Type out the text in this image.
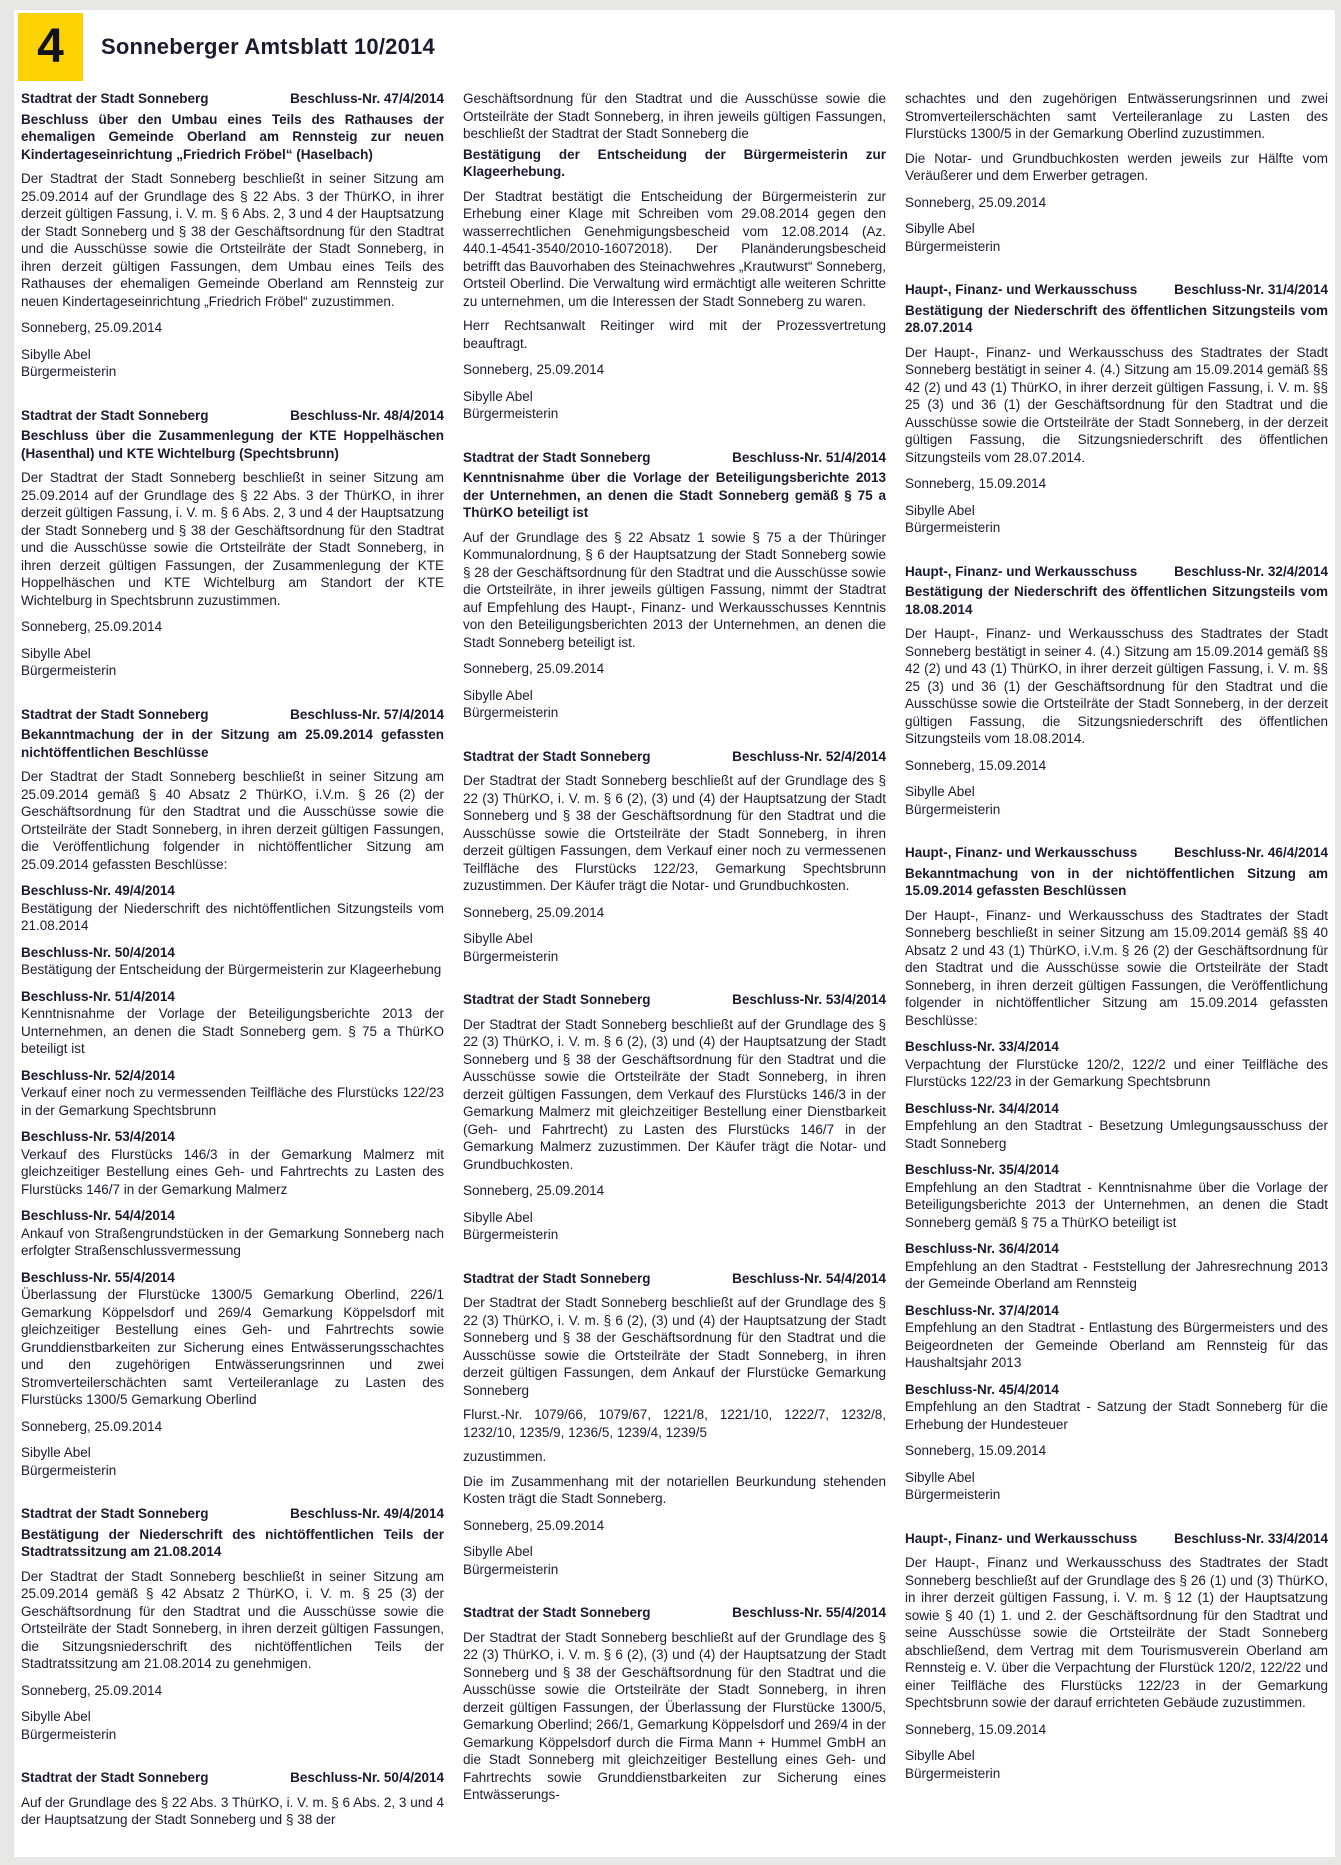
4 Sonneberger Amtsblatt 10/2014
Stadtrat der Stadt Sonneberg	Beschluss-Nr. 47/4/2014
Beschluss über den Umbau eines Teils des Rathauses der ehemaligen Gemeinde Oberland am Rennsteig zur neuen Kindertageseinrichtung „Friedrich Fröbel“ (Haselbach)
Der Stadtrat der Stadt Sonneberg beschließt in seiner Sitzung am 25.09.2014 auf der Grundlage des § 22 Abs. 3 der ThürKO, in ihrer derzeit gültigen Fassung, i. V. m. § 6 Abs. 2, 3 und 4 der Hauptsatzung der Stadt Sonneberg und § 38 der Geschäftsordnung für den Stadtrat und die Ausschüsse sowie die Ortsteilräte der Stadt Sonneberg, in ihren derzeit gültigen Fassungen, dem Umbau eines Teils des Rathauses der ehemaligen Gemeinde Oberland am Rennsteig zur neuen Kindertageseinrichtung „Friedrich Fröbel“ zuzustimmen.
Sonneberg, 25.09.2014
Sibylle Abel
Bürgermeisterin
Stadtrat der Stadt Sonneberg	Beschluss-Nr. 48/4/2014
Beschluss über die Zusammenlegung der KTE Hoppelhäschen (Hasenthal) und KTE Wichtelburg (Spechtsbrunn)
Der Stadtrat der Stadt Sonneberg beschließt in seiner Sitzung am 25.09.2014 auf der Grundlage des § 22 Abs. 3 der ThürKO, in ihrer derzeit gültigen Fassung, i. V. m. § 6 Abs. 2, 3 und 4 der Hauptsatzung der Stadt Sonneberg und § 38 der Geschäftsordnung für den Stadtrat und die Ausschüsse sowie die Ortsteilräte der Stadt Sonneberg, in ihren derzeit gültigen Fassungen, der Zusammenlegung der KTE Hoppelhäschen und KTE Wichtelburg am Standort der KTE Wichtelburg in Spechtsbrunn zuzustimmen.
Sonneberg, 25.09.2014
Sibylle Abel
Bürgermeisterin
Stadtrat der Stadt Sonneberg	Beschluss-Nr. 57/4/2014
Bekanntmachung der in der Sitzung am 25.09.2014 gefassten nichtöffentlichen Beschlüsse
Der Stadtrat der Stadt Sonneberg beschließt in seiner Sitzung am 25.09.2014 gemäß § 40 Absatz 2 ThürKO, i.V.m. § 26 (2) der Geschäftsordnung für den Stadtrat und die Ausschüsse sowie die Ortsteilräte der Stadt Sonneberg, in ihren derzeit gültigen Fassungen, die Veröffentlichung folgender in nichtöffentlicher Sitzung am 25.09.2014 gefassten Beschlüsse:
Beschluss-Nr. 49/4/2014
Bestätigung der Niederschrift des nichtöffentlichen Sitzungsteils vom 21.08.2014
Beschluss-Nr. 50/4/2014
Bestätigung der Entscheidung der Bürgermeisterin zur Klageerhebung
Beschluss-Nr. 51/4/2014
Kenntnisnahme der Vorlage der Beteiligungsberichte 2013 der Unternehmen, an denen die Stadt Sonneberg gem. § 75 a ThürKO beteiligt ist
Beschluss-Nr. 52/4/2014
Verkauf einer noch zu vermessenden Teilfläche des Flurstücks 122/23 in der Gemarkung Spechtsbrunn
Beschluss-Nr. 53/4/2014
Verkauf des Flurstücks 146/3 in der Gemarkung Malmerz mit gleichzeitiger Bestellung eines Geh- und Fahrtrechts zu Lasten des Flurstücks 146/7 in der Gemarkung Malmerz
Beschluss-Nr. 54/4/2014
Ankauf von Straßengrundstücken in der Gemarkung Sonneberg nach erfolgter Straßenschlussvermessung
Beschluss-Nr. 55/4/2014
Überlassung der Flurstücke 1300/5 Gemarkung Oberlind, 226/1 Gemarkung Köppelsdorf und 269/4 Gemarkung Köppelsdorf mit gleichzeitiger Bestellung eines Geh- und Fahrtrechts sowie Grunddienstbarkeiten zur Sicherung eines Entwässerungsschachtes und den zugehörigen Entwässerungsrinnen und zwei Stromverteilerschächten samt Verteileranlage zu Lasten des Flurstücks 1300/5 Gemarkung Oberlind
Sonneberg, 25.09.2014
Sibylle Abel
Bürgermeisterin
Stadtrat der Stadt Sonneberg	Beschluss-Nr. 49/4/2014
Bestätigung der Niederschrift des nichtöffentlichen Teils der Stadtratssitzung am 21.08.2014
Der Stadtrat der Stadt Sonneberg beschließt in seiner Sitzung am 25.09.2014 gemäß § 42 Absatz 2 ThürKO, i. V. m. § 25 (3) der Geschäftsordnung für den Stadtrat und die Ausschüsse sowie die Ortsteilräte der Stadt Sonneberg, in ihren derzeit gültigen Fassungen, die Sitzungsniederschrift des nichtöffentlichen Teils der Stadtratssitzung am 21.08.2014 zu genehmigen.
Sonneberg, 25.09.2014
Sibylle Abel
Bürgermeisterin
Stadtrat der Stadt Sonneberg	Beschluss-Nr. 50/4/2014
Auf der Grundlage des § 22 Abs. 3 ThürKO, i. V. m. § 6 Abs. 2, 3 und 4 der Hauptsatzung der Stadt Sonneberg und § 38 der
Geschäftsordnung für den Stadtrat und die Ausschüsse sowie die Ortsteilräte der Stadt Sonneberg, in ihren jeweils gültigen Fassungen, beschließt der Stadtrat der Stadt Sonneberg die
Bestätigung der Entscheidung der Bürgermeisterin zur Klageerhebung.
Der Stadtrat bestätigt die Entscheidung der Bürgermeisterin zur Erhebung einer Klage mit Schreiben vom 29.08.2014 gegen den wasserrechtlichen Genehmigungsbescheid vom 12.08.2014 (Az. 440.1-4541-3540/2010-16072018). Der Planänderungsbescheid betrifft das Bauvorhaben des Steinachwehres „Krautwurst“ Sonneberg, Ortsteil Oberlind. Die Verwaltung wird ermächtigt alle weiteren Schritte zu unternehmen, um die Interessen der Stadt Sonneberg zu waren.
Herr Rechtsanwalt Reitinger wird mit der Prozessvertretung beauftragt.
Sonneberg, 25.09.2014
Sibylle Abel
Bürgermeisterin
Stadtrat der Stadt Sonneberg	Beschluss-Nr. 51/4/2014
Kenntnisnahme über die Vorlage der Beteiligungsberichte 2013 der Unternehmen, an denen die Stadt Sonneberg gemäß § 75 a ThürKO beteiligt ist
Auf der Grundlage des § 22 Absatz 1 sowie § 75 a der Thüringer Kommunalordnung, § 6 der Hauptsatzung der Stadt Sonneberg sowie § 28 der Geschäftsordnung für den Stadtrat und die Ausschüsse sowie die Ortsteilräte, in ihrer jeweils gültigen Fassung, nimmt der Stadtrat auf Empfehlung des Haupt-, Finanz- und Werkausschusses Kenntnis von den Beteiligungsberichten 2013 der Unternehmen, an denen die Stadt Sonneberg beteiligt ist.
Sonneberg, 25.09.2014
Sibylle Abel
Bürgermeisterin
Stadtrat der Stadt Sonneberg	Beschluss-Nr. 52/4/2014
Der Stadtrat der Stadt Sonneberg beschließt auf der Grundlage des § 22 (3) ThürKO, i. V. m. § 6 (2), (3) und (4) der Hauptsatzung der Stadt Sonneberg und § 38 der Geschäftsordnung für den Stadtrat und die Ausschüsse sowie die Ortsteilräte der Stadt Sonneberg, in ihren derzeit gültigen Fassungen, dem Verkauf einer noch zu vermessenen Teilfläche des Flurstücks 122/23, Gemarkung Spechtsbrunn zuzustimmen. Der Käufer trägt die Notar- und Grundbuchkosten.
Sonneberg, 25.09.2014
Sibylle Abel
Bürgermeisterin
Stadtrat der Stadt Sonneberg	Beschluss-Nr. 53/4/2014
Der Stadtrat der Stadt Sonneberg beschließt auf der Grundlage des § 22 (3) ThürKO, i. V. m. § 6 (2), (3) und (4) der Hauptsatzung der Stadt Sonneberg und § 38 der Geschäftsordnung für den Stadtrat und die Ausschüsse sowie die Ortsteilräte der Stadt Sonneberg, in ihren derzeit gültigen Fassungen, dem Verkauf des Flurstücks 146/3 in der Gemarkung Malmerz mit gleichzeitiger Bestellung einer Dienstbarkeit (Geh- und Fahrtrecht) zu Lasten des Flurstücks 146/7 in der Gemarkung Malmerz zuzustimmen. Der Käufer trägt die Notar- und Grundbuchkosten.
Sonneberg, 25.09.2014
Sibylle Abel
Bürgermeisterin
Stadtrat der Stadt Sonneberg	Beschluss-Nr. 54/4/2014
Der Stadtrat der Stadt Sonneberg beschließt auf der Grundlage des § 22 (3) ThürKO, i. V. m. § 6 (2), (3) und (4) der Hauptsatzung der Stadt Sonneberg und § 38 der Geschäftsordnung für den Stadtrat und die Ausschüsse sowie die Ortsteilräte der Stadt Sonneberg, in ihren derzeit gültigen Fassungen, dem Ankauf der Flurstücke Gemarkung Sonneberg
Flurst.-Nr. 1079/66, 1079/67, 1221/8, 1221/10, 1222/7, 1232/8, 1232/10, 1235/9, 1236/5, 1239/4, 1239/5
zuzustimmen.
Die im Zusammenhang mit der notariellen Beurkundung stehenden Kosten trägt die Stadt Sonneberg.
Sonneberg, 25.09.2014
Sibylle Abel
Bürgermeisterin
Stadtrat der Stadt Sonneberg	Beschluss-Nr. 55/4/2014
Der Stadtrat der Stadt Sonneberg beschließt auf der Grundlage des § 22 (3) ThürKO, i. V. m. § 6 (2), (3) und (4) der Hauptsatzung der Stadt Sonneberg und § 38 der Geschäftsordnung für den Stadtrat und die Ausschüsse sowie die Ortsteilräte der Stadt Sonneberg, in ihren derzeit gültigen Fassungen, der Überlassung der Flurstücke 1300/5, Gemarkung Oberlind; 266/1, Gemarkung Köppelsdorf und 269/4 in der Gemarkung Köppelsdorf durch die Firma Mann + Hummel GmbH an die Stadt Sonneberg mit gleichzeitiger Bestellung eines Geh- und Fahrtrechts sowie Grunddienstbarkeiten zur Sicherung eines Entwässerungs-
schachtes und den zugehörigen Entwässerungsrinnen und zwei Stromverteilerschächten samt Verteileranlage zu Lasten des Flurstücks 1300/5 in der Gemarkung Oberlind zuzustimmen.
Die Notar- und Grundbuchkosten werden jeweils zur Hälfte vom Veräußerer und dem Erwerber getragen.
Sonneberg, 25.09.2014
Sibylle Abel
Bürgermeisterin
Haupt-, Finanz- und Werkausschuss	Beschluss-Nr. 31/4/2014
Bestätigung der Niederschrift des öffentlichen Sitzungsteils vom 28.07.2014
Der Haupt-, Finanz- und Werkausschuss des Stadtrates der Stadt Sonneberg bestätigt in seiner 4. (4.) Sitzung am 15.09.2014 gemäß §§ 42 (2) und 43 (1) ThürKO, in ihrer derzeit gültigen Fassung, i. V. m. §§ 25 (3) und 36 (1) der Geschäftsordnung für den Stadtrat und die Ausschüsse sowie die Ortsteilräte der Stadt Sonneberg, in der derzeit gültigen Fassung, die Sitzungsniederschrift des öffentlichen Sitzungsteils vom 28.07.2014.
Sonneberg, 15.09.2014
Sibylle Abel
Bürgermeisterin
Haupt-, Finanz- und Werkausschuss	Beschluss-Nr. 32/4/2014
Bestätigung der Niederschrift des öffentlichen Sitzungsteils vom 18.08.2014
Der Haupt-, Finanz- und Werkausschuss des Stadtrates der Stadt Sonneberg bestätigt in seiner 4. (4.) Sitzung am 15.09.2014 gemäß §§ 42 (2) und 43 (1) ThürKO, in ihrer derzeit gültigen Fassung, i. V. m. §§ 25 (3) und 36 (1) der Geschäftsordnung für den Stadtrat und die Ausschüsse sowie die Ortsteilräte der Stadt Sonneberg, in der derzeit gültigen Fassung, die Sitzungsniederschrift des öffentlichen Sitzungsteils vom 18.08.2014.
Sonneberg, 15.09.2014
Sibylle Abel
Bürgermeisterin
Haupt-, Finanz- und Werkausschuss	Beschluss-Nr. 46/4/2014
Bekanntmachung von in der nichtöffentlichen Sitzung am 15.09.2014 gefassten Beschlüssen
Der Haupt-, Finanz- und Werkausschuss des Stadtrates der Stadt Sonneberg beschließt in seiner Sitzung am 15.09.2014 gemäß §§ 40 Absatz 2 und 43 (1) ThürKO, i.V.m. § 26 (2) der Geschäftsordnung für den Stadtrat und die Ausschüsse sowie die Ortsteilräte der Stadt Sonneberg, in ihren derzeit gültigen Fassungen, die Veröffentlichung folgender in nichtöffentlicher Sitzung am 15.09.2014 gefassten Beschlüsse:
Beschluss-Nr. 33/4/2014
Verpachtung der Flurstücke 120/2, 122/2 und einer Teilfläche des Flurstücks 122/23 in der Gemarkung Spechtsbrunn
Beschluss-Nr. 34/4/2014
Empfehlung an den Stadtrat - Besetzung Umlegungsausschuss der Stadt Sonneberg
Beschluss-Nr. 35/4/2014
Empfehlung an den Stadtrat - Kenntnisnahme über die Vorlage der Beteiligungsberichte 2013 der Unternehmen, an denen die Stadt Sonneberg gemäß § 75 a ThürKO beteiligt ist
Beschluss-Nr. 36/4/2014
Empfehlung an den Stadtrat - Feststellung der Jahresrechnung 2013 der Gemeinde Oberland am Rennsteig
Beschluss-Nr. 37/4/2014
Empfehlung an den Stadtrat - Entlastung des Bürgermeisters und des Beigeordneten der Gemeinde Oberland am Rennsteig für das Haushaltsjahr 2013
Beschluss-Nr. 45/4/2014
Empfehlung an den Stadtrat - Satzung der Stadt Sonneberg für die Erhebung der Hundesteuer
Sonneberg, 15.09.2014
Sibylle Abel
Bürgermeisterin
Haupt-, Finanz- und Werkausschuss	Beschluss-Nr. 33/4/2014
Der Haupt-, Finanz und Werkausschuss des Stadtrates der Stadt Sonneberg beschließt auf der Grundlage des § 26 (1) und (3) ThürKO, in ihrer derzeit gültigen Fassung, i. V. m. § 12 (1) der Hauptsatzung sowie § 40 (1) 1. und 2. der Geschäftsordnung für den Stadtrat und seine Ausschüsse sowie die Ortsteilräte der Stadt Sonneberg abschließend, dem Vertrag mit dem Tourismusverein Oberland am Rennsteig e. V. über die Verpachtung der Flurstück 120/2, 122/22 und einer Teilfläche des Flurstücks 122/23 in der Gemarkung Spechtsbrunn sowie der darauf errichteten Gebäude zuzustimmen.
Sonneberg, 15.09.2014
Sibylle Abel
Bürgermeisterin
